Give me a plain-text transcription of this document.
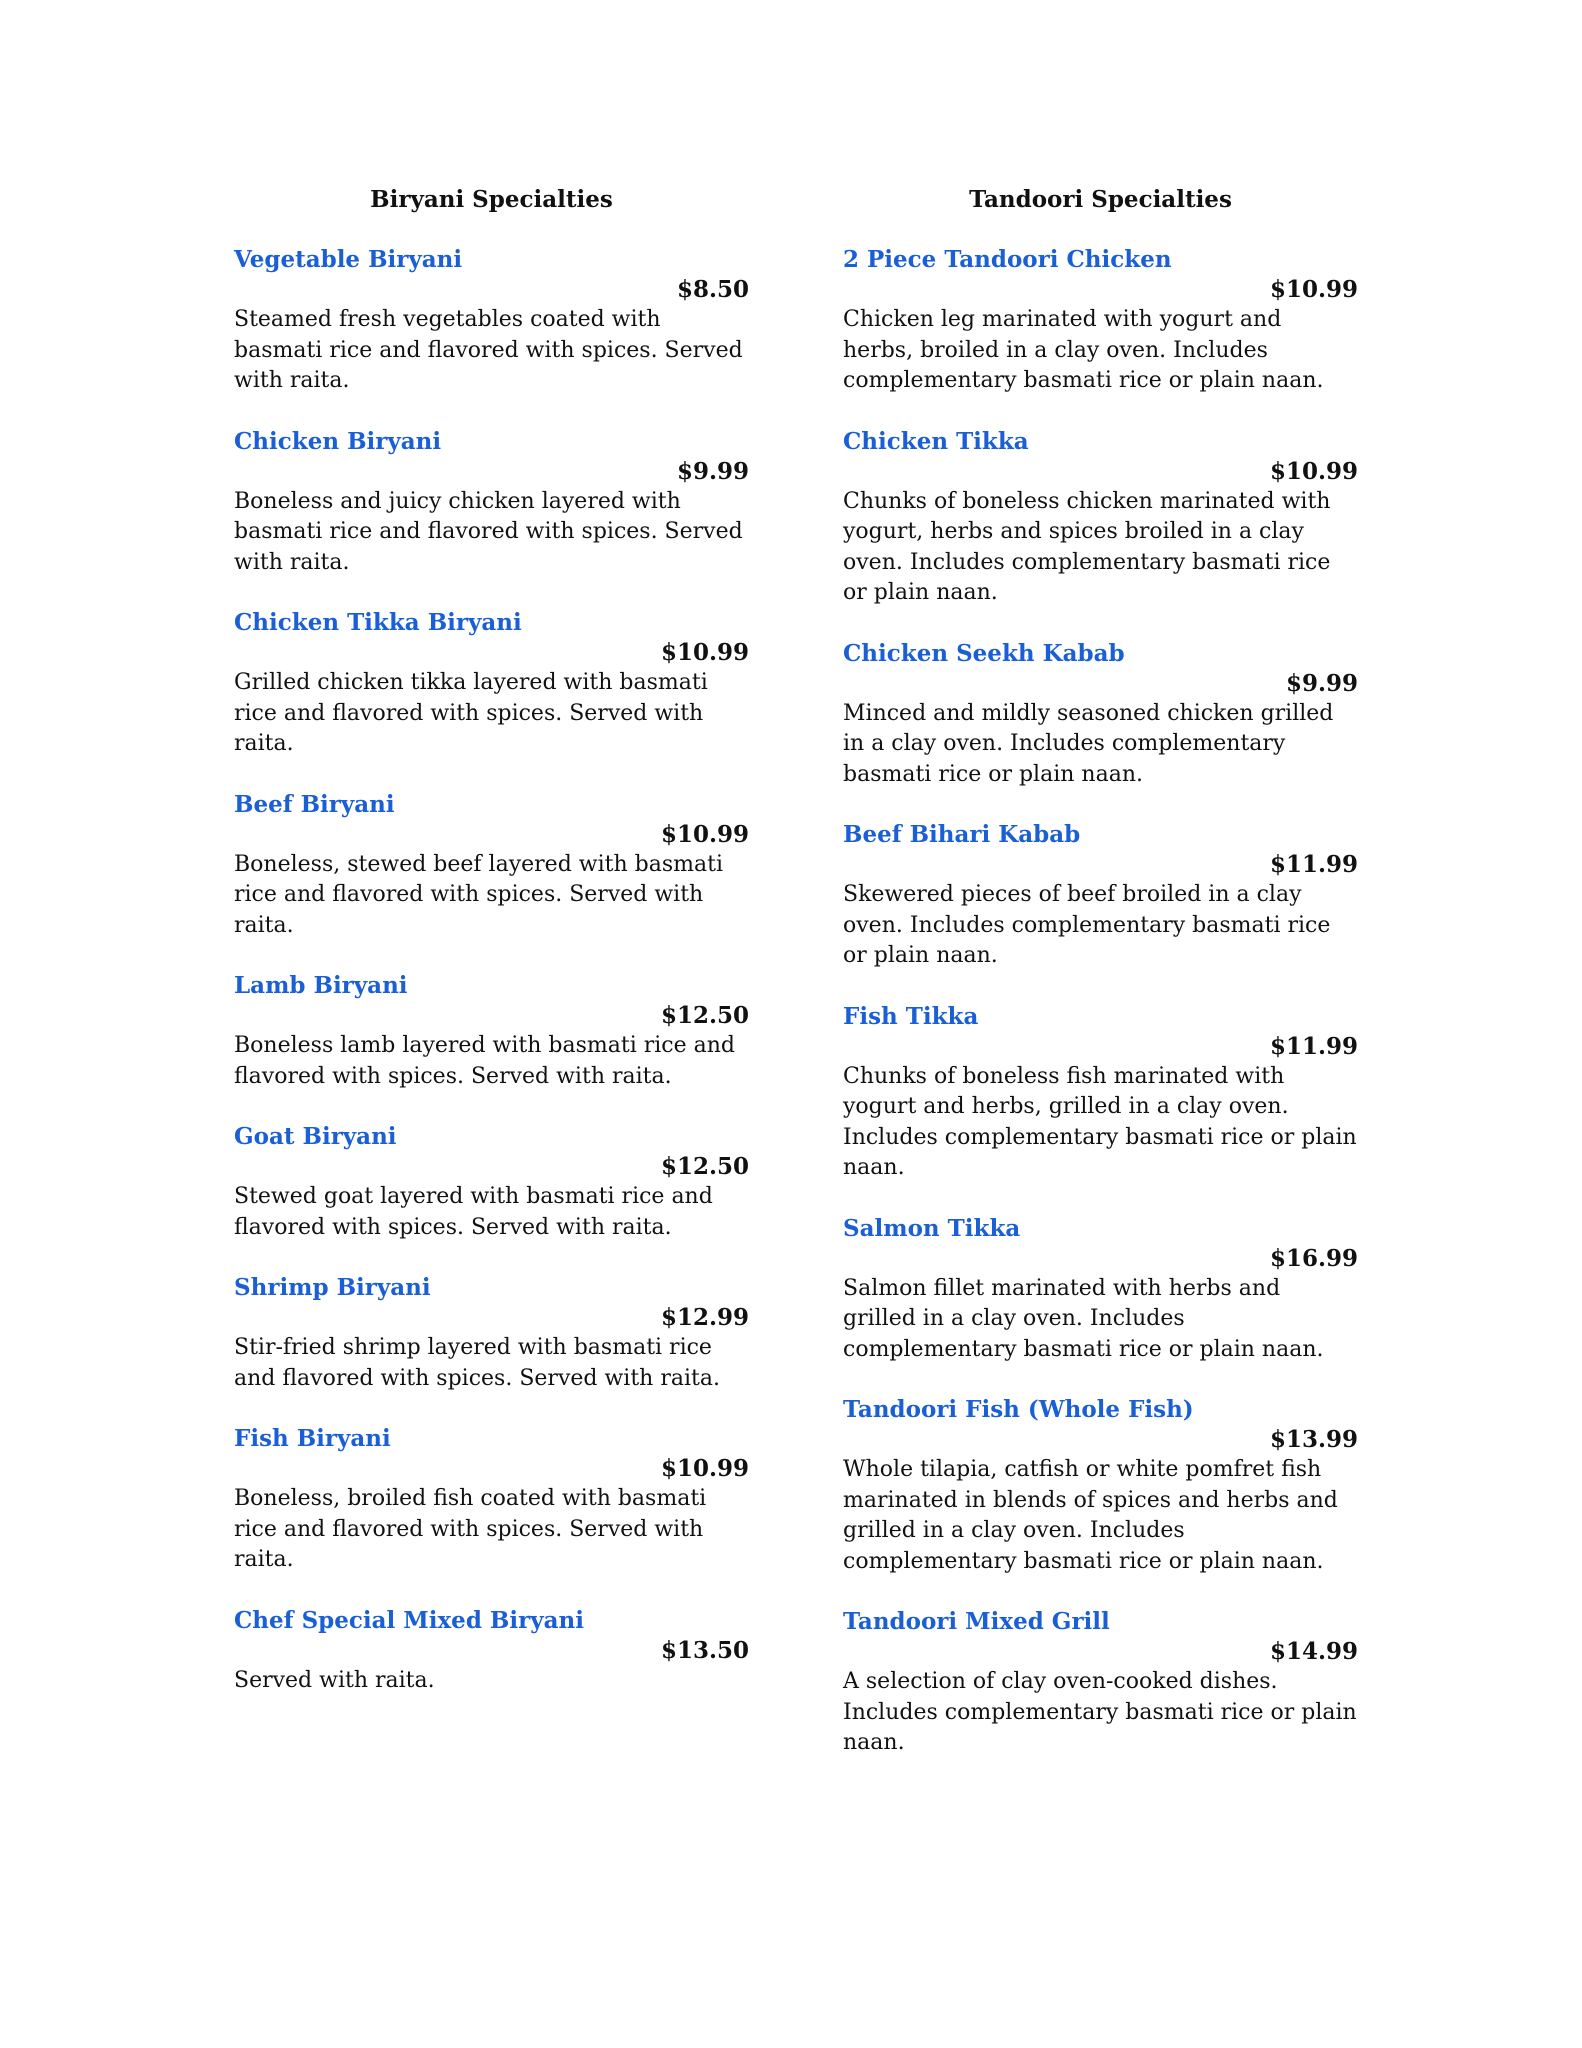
Biryani Specialties
Vegetable Biryani
$8.50
Steamed fresh vegetables coated with basmati rice and flavored with spices. Served with raita.
Chicken Biryani
$9.99
Boneless and juicy chicken layered with basmati rice and flavored with spices. Served with raita.
Chicken Tikka Biryani
$10.99
Grilled chicken tikka layered with basmati rice and flavored with spices. Served with raita.
Beef Biryani
$10.99
Boneless, stewed beef layered with basmati rice and flavored with spices. Served with raita.
Lamb Biryani
$12.50
Boneless lamb layered with basmati rice and flavored with spices. Served with raita.
Goat Biryani
$12.50
Stewed goat layered with basmati rice and flavored with spices. Served with raita.
Shrimp Biryani
$12.99
Stir-fried shrimp layered with basmati rice and flavored with spices. Served with raita.
Fish Biryani
$10.99
Boneless, broiled fish coated with basmati rice and flavored with spices. Served with raita.
Chef Special Mixed Biryani
$13.50
Served with raita.
Tandoori Specialties
2 Piece Tandoori Chicken
$10.99
Chicken leg marinated with yogurt and herbs, broiled in a clay oven. Includes complementary basmati rice or plain naan.
Chicken Tikka
$10.99
Chunks of boneless chicken marinated with yogurt, herbs and spices broiled in a clay oven. Includes complementary basmati rice or plain naan.
Chicken Seekh Kabab
$9.99
Minced and mildly seasoned chicken grilled in a clay oven. Includes complementary basmati rice or plain naan.
Beef Bihari Kabab
$11.99
Skewered pieces of beef broiled in a clay oven. Includes complementary basmati rice or plain naan.
Fish Tikka
$11.99
Chunks of boneless fish marinated with yogurt and herbs, grilled in a clay oven. Includes complementary basmati rice or plain naan.
Salmon Tikka
$16.99
Salmon fillet marinated with herbs and grilled in a clay oven. Includes complementary basmati rice or plain naan.
Tandoori Fish (Whole Fish)
$13.99
Whole tilapia, catfish or white pomfret fish marinated in blends of spices and herbs and grilled in a clay oven. Includes complementary basmati rice or plain naan.
Tandoori Mixed Grill
$14.99
A selection of clay oven-cooked dishes. Includes complementary basmati rice or plain naan.
